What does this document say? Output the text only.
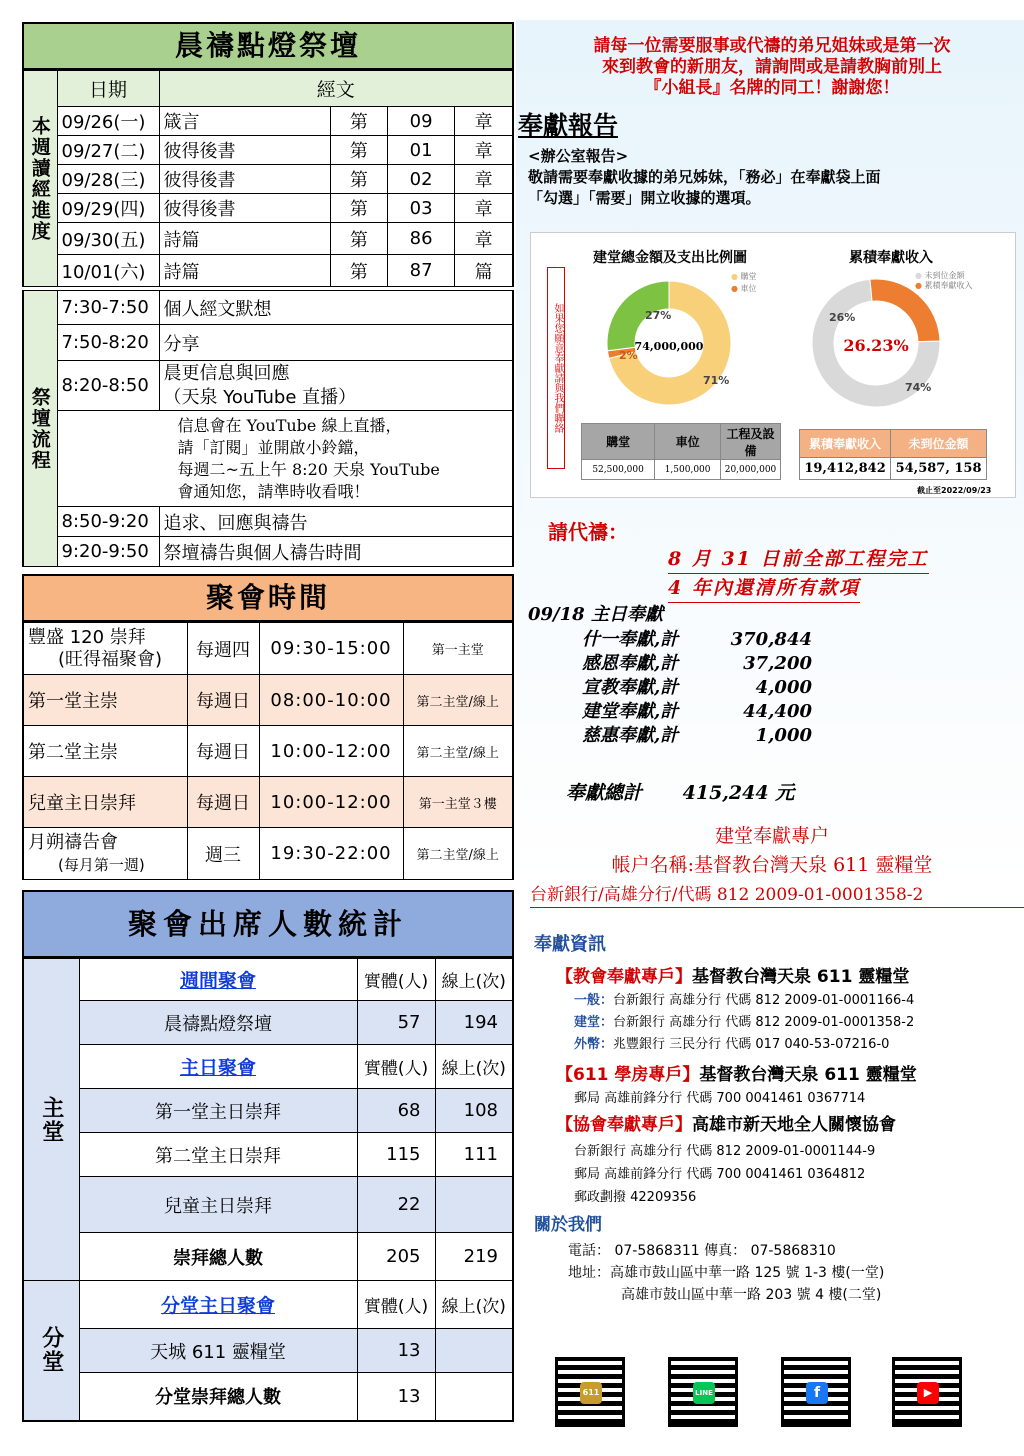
晨禱點燈祭壇
本週讀經進度	日期	經文			
	09/26(一)	箴言	第	09	章
	09/27(二)	彼得後書	第	01	章
	09/28(三)	彼得後書	第	02	章
	09/29(四)	彼得後書	第	03	章
	09/30(五)	詩篇	第	86	章
	10/01(六)	詩篇	第	87	篇
祭壇流程	7:30-7:50	個人經文默想
	7:50-8:20	分享
	8:20-8:50	晨更信息與回應
（天泉 YouTube 直播）

	信息會在 YouTube 線上直播，
請「訂閱」並開啟小鈴鐺，
每週二~五上午 8:20 天泉 YouTube
會通知您，請準時收看哦！	

	8:50-9:20	追求、回應與禱告
	9:20-9:50	祭壇禱告與個人禱告時間
聚會時間
豐盛 120 崇拜
(旺得福聚會)	每週四	09:30-15:00	第一主堂
第一堂主崇	每週日	08:00-10:00	第二主堂/線上
第二堂主崇	每週日	10:00-12:00	第二主堂/線上
兒童主日崇拜	每週日	10:00-12:00	第一主堂３樓

月朔禱告會
(每月第一週)	週三	19:30-22:00	第二主堂/線上
聚會出席人數統計
主堂	週間聚會	實體(人)	線上(次)
	晨禱點燈祭壇	57	194
	主日聚會	實體(人)	線上(次)
	第一堂主日崇拜	68	108
	第二堂主日崇拜	115	111
	兒童主日崇拜	22	
	崇拜總人數	205	219
分堂	分堂主日聚會	實體(人)	線上(次)
	天城 611 靈糧堂	13	
	分堂崇拜總人數	13	
請每一位需要服事或代禱的弟兄姐妹或是第一次
來到教會的新朋友，請詢問或是請教胸前別上
『小組長』名牌的同工！謝謝您！
奉獻報告
<辦公室報告>
敬請需要奉獻收據的弟兄姊妹，「務必」在奉獻袋上面
「勾選」「需要」開立收據的選項。
如果您願意奉獻請與我們聯絡
建堂總金額及支出比例圖	累積奉獻收入
● 購堂
● 車位
● 未到位金額
● 累積奉獻收入
74,000,000
27%
2%
71%
26.23%
26%
74%
購堂	車位	工程及設備
52,500,000	1,500,000	20,000,000
累積奉獻收入	未到位金額
19,412,842	54,587, 158
截止至2022/09/23
請代禱：
8 月 31 日前全部工程完工
4 年內還清所有款項
09/18 主日奉獻
什一奉獻,計	370,844
感恩奉獻,計	37,200
宣教奉獻,計	4,000
建堂奉獻,計	44,400
慈惠奉獻,計	1,000
奉獻總計 415,244 元
建堂奉獻專户
帳户名稱:基督教台灣天泉 611 靈糧堂
台新銀行/高雄分行/代碼 812 2009-01-0001358-2
奉獻資訊
【教會奉獻專戶】基督教台灣天泉 611 靈糧堂
一般：台新銀行 高雄分行 代碼 812 2009-01-0001166-4
建堂：台新銀行 高雄分行 代碼 812 2009-01-0001358-2
外幣：兆豐銀行 三民分行 代碼 017 040-53-07216-0
【611 學房專戶】基督教台灣天泉 611 靈糧堂
郵局 高雄前鋒分行 代碼 700 0041461 0367714
【協會奉獻專戶】高雄市新天地全人關懷協會
台新銀行 高雄分行 代碼 812 2009-01-0001144-9
郵局 高雄前鋒分行 代碼 700 0041461 0364812
郵政劃撥 42209356
關於我們
電話： 07-5868311 傳真： 07-5868310
地址：高雄市鼓山區中華一路 125 號 1-3 樓(一堂)
高雄市鼓山區中華一路 203 號 4 樓(二堂)
611	LINE	f	▶
